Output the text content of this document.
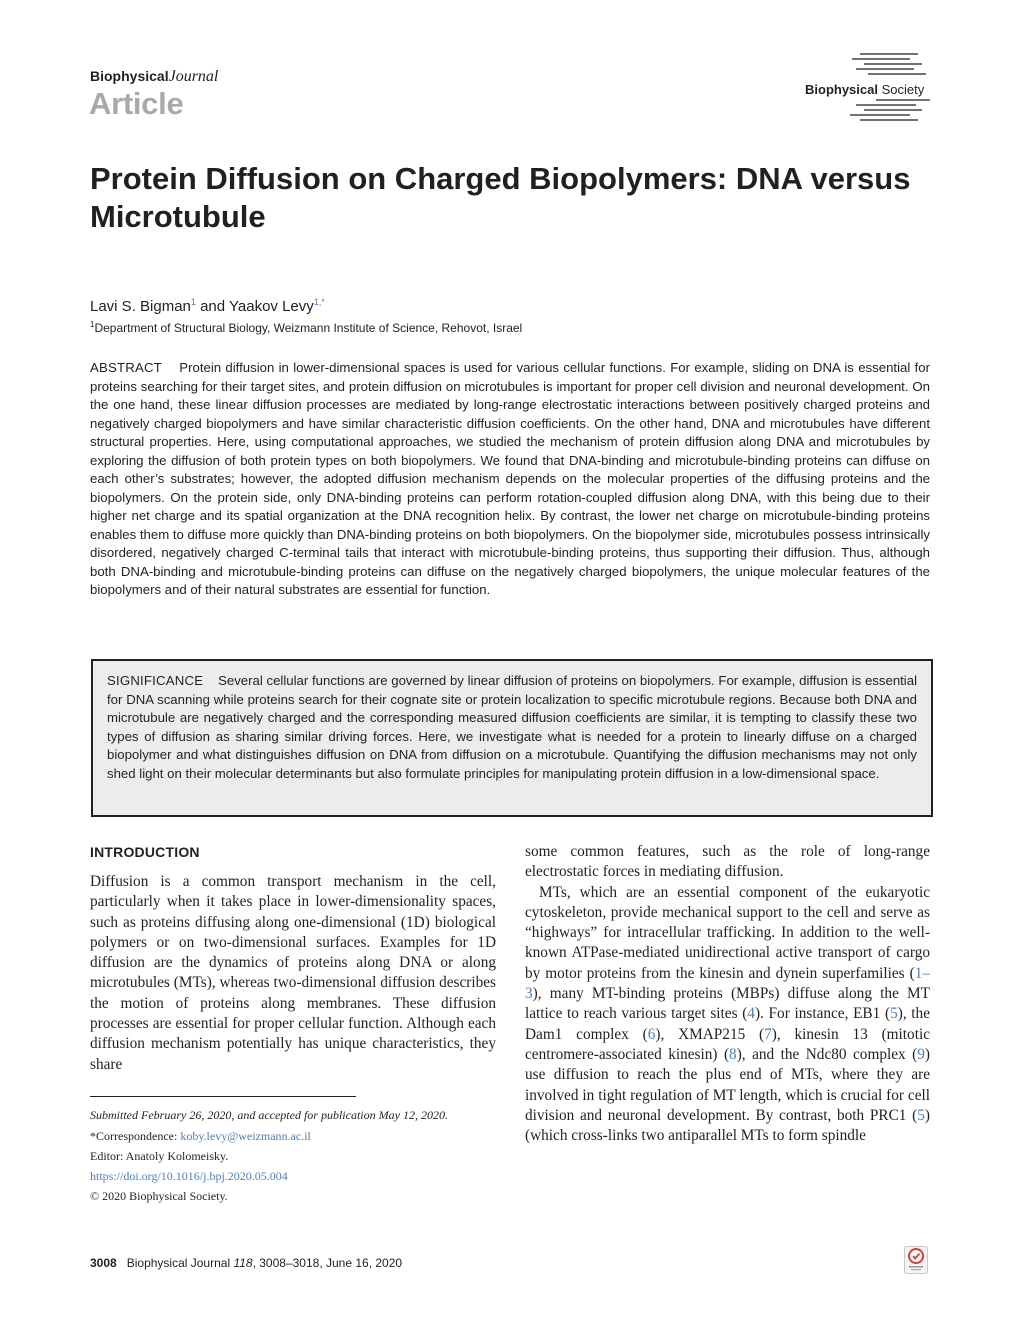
BiophysicalJournal
Article	Biophysical Society
Protein Diffusion on Charged Biopolymers: DNA versus Microtubule
Lavi S. Bigman$^1$ and Yaakov Levy$^{1,*}$
$^1$Department of Structural Biology, Weizmann Institute of Science, Rehovot, Israel
ABSTRACT Protein diffusion in lower-dimensional spaces is used for various cellular functions. For example, sliding on DNA is essential for proteins searching for their target sites, and protein diffusion on microtubules is important for proper cell division and neuronal development. On the one hand, these linear diffusion processes are mediated by long-range electrostatic interactions between positively charged proteins and negatively charged biopolymers and have similar characteristic diffusion coefficients. On the other hand, DNA and microtubules have different structural properties. Here, using computational approaches, we studied the mechanism of protein diffusion along DNA and microtubules by exploring the diffusion of both protein types on both biopolymers. We found that DNA-binding and microtubule-binding proteins can diffuse on each other’s substrates; however, the adopted diffusion mechanism depends on the molecular properties of the diffusing proteins and the biopolymers. On the protein side, only DNA-binding proteins can perform rotation-coupled diffusion along DNA, with this being due to their higher net charge and its spatial organization at the DNA recognition helix. By contrast, the lower net charge on microtubule-binding proteins enables them to diffuse more quickly than DNA-binding proteins on both biopolymers. On the biopolymer side, microtubules possess intrinsically disordered, negatively charged C-terminal tails that interact with microtubule-binding proteins, thus supporting their diffusion. Thus, although both DNA-binding and microtubule-binding proteins can diffuse on the negatively charged biopolymers, the unique molecular features of the biopolymers and of their natural substrates are essential for function.
SIGNIFICANCE Several cellular functions are governed by linear diffusion of proteins on biopolymers. For example, diffusion is essential for DNA scanning while proteins search for their cognate site or protein localization to specific microtubule regions. Because both DNA and microtubule are negatively charged and the corresponding measured diffusion coefficients are similar, it is tempting to classify these two types of diffusion as sharing similar driving forces. Here, we investigate what is needed for a protein to linearly diffuse on a charged biopolymer and what distinguishes diffusion on DNA from diffusion on a microtubule. Quantifying the diffusion mechanisms may not only shed light on their molecular determinants but also formulate principles for manipulating protein diffusion in a low-dimensional space.
INTRODUCTION
Diffusion is a common transport mechanism in the cell, particularly when it takes place in lower-dimensionality spaces, such as proteins diffusing along one-dimensional (1D) biological polymers or on two-dimensional surfaces. Examples for 1D diffusion are the dynamics of proteins along DNA or along microtubules (MTs), whereas two-dimensional diffusion describes the motion of proteins along membranes. These diffusion processes are essential for proper cellular function. Although each diffusion mechanism potentially has unique characteristics, they share
Submitted February 26, 2020, and accepted for publication May 12, 2020.
*Correspondence: koby.levy@weizmann.ac.il
Editor: Anatoly Kolomeisky.
https://doi.org/10.1016/j.bpj.2020.05.004
© 2020 Biophysical Society.
some common features, such as the role of long-range electrostatic forces in mediating diffusion.
MTs, which are an essential component of the eukaryotic cytoskeleton, provide mechanical support to the cell and serve as “highways” for intracellular trafficking. In addition to the well-known ATPase-mediated unidirectional active transport of cargo by motor proteins from the kinesin and dynein superfamilies (1–3), many MT-binding proteins (MBPs) diffuse along the MT lattice to reach various target sites (4). For instance, EB1 (5), the Dam1 complex (6), XMAP215 (7), kinesin 13 (mitotic centromere-associated kinesin) (8), and the Ndc80 complex (9) use diffusion to reach the plus end of MTs, where they are involved in tight regulation of MT length, which is crucial for cell division and neuronal development. By contrast, both PRC1 (5) (which cross-links two antiparallel MTs to form spindle
3008 Biophysical Journal 118, 3008–3018, June 16, 2020
